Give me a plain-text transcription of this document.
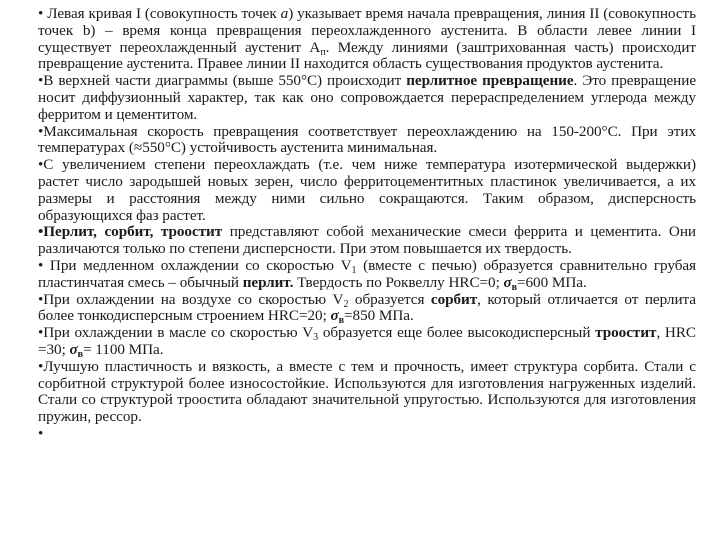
• Левая кривая I (совокупность точек а) указывает время начала превращения, линия II (совокупность точек b) – время конца превращения переохлажденного аустенита. В области левее линии I существует переохлажденный аустенит $А_п$. Между линиями (заштрихованная часть) происходит превращение аустенита. Правее линии II находится область существования продуктов аустенита.

•В верхней части диаграммы (выше 550°С) происходит перлитное превращение. Это превращение носит диффузионный характер, так как оно сопровождается перераспределением углерода между ферритом и цементитом.

•Максимальная скорость превращения соответствует переохлаждению на 150-200°С. При этих температурах (≈550°С) устойчивость аустенита минимальная.

•С увеличением степени переохлаждать (т.е. чем ниже температура изотермической выдержки) растет число зародышей новых зерен, число ферритоцементитных пластинок увеличивается, а их размеры и расстояния между ними сильно сокращаются. Таким образом, дисперсность образующихся фаз растет.

•Перлит, сорбит, троостит представляют собой механические смеси феррита и цементита. Они различаются только по степени дисперсности. При этом повышается их твердость.

• При медленном охлаждении со скоростью $V_1$ (вместе с печью) образуется сравнительно грубая пластинчатая смесь – обычный перлит. Твердость по Роквеллу HRC=0; $\sigma_в=600$ МПа.

•При охлаждении на воздухе со скоростью $V_2$ образуется сорбит, который отличается от перлита более тонкодисперсным строением HRC=20; $\sigma_в=850$ МПа.

•При охлаждении в масле со скоростью $V_3$ образуется еще более высокодисперсный троостит, HRC =30; $\sigma_в= 1100$ МПа.

•Лучшую пластичность и вязкость, а вместе с тем и прочность, имеет структура сорбита. Стали с сорбитной структурой более износостойкие. Используются для изготовления нагруженных изделий. Стали со структурой троостита обладают значительной упругостью. Используются для изготовления пружин, рессор.

•
